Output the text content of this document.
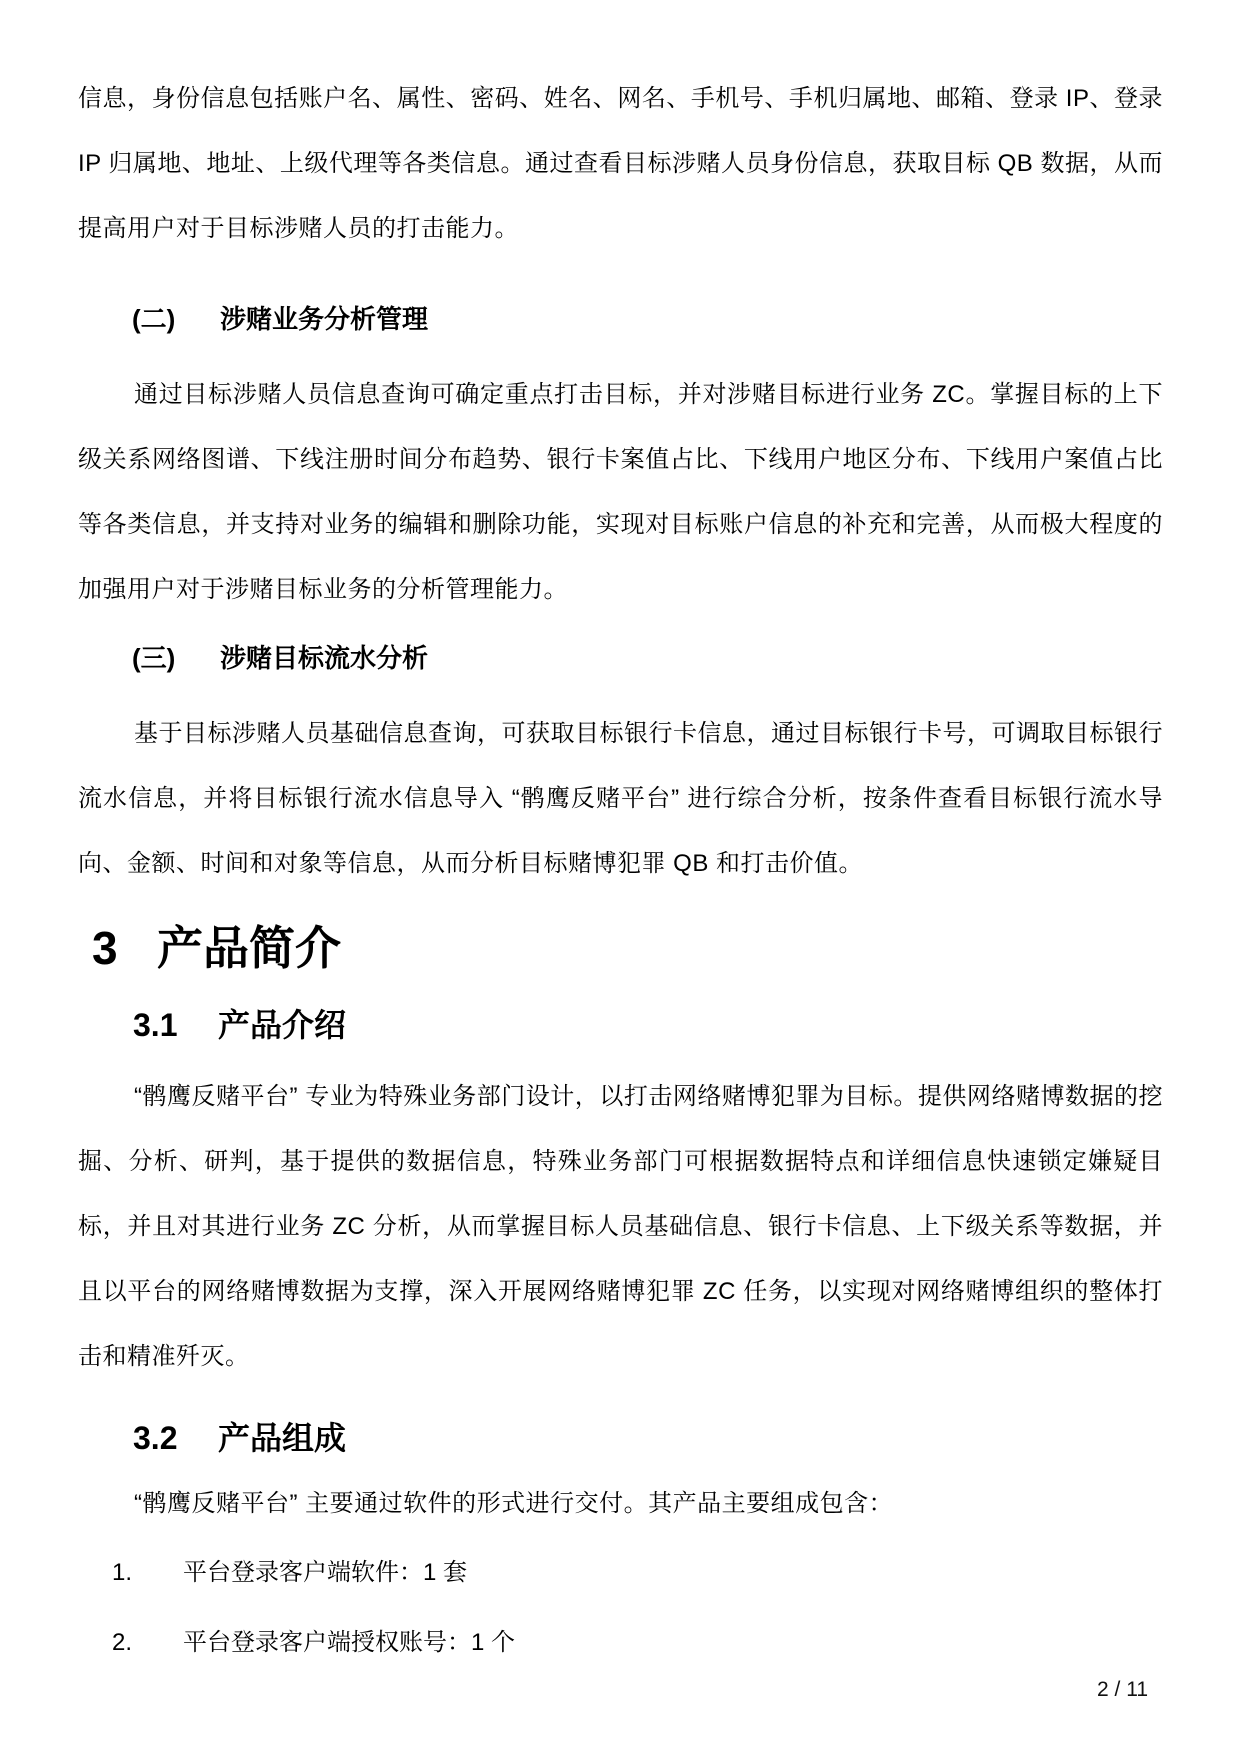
信息，身份信息包括账户名、属性、密码、姓名、网名、手机号、手机归属地、邮箱、登录 IP、登录 IP 归属地、地址、上级代理等各类信息。通过查看目标涉赌人员身份信息，获取目标 QB 数据，从而提高用户对于目标涉赌人员的打击能力。

(二) 涉赌业务分析管理

通过目标涉赌人员信息查询可确定重点打击目标，并对涉赌目标进行业务 ZC。掌握目标的上下级关系网络图谱、下线注册时间分布趋势、银行卡案值占比、下线用户地区分布、下线用户案值占比等各类信息，并支持对业务的编辑和删除功能，实现对目标账户信息的补充和完善，从而极大程度的加强用户对于涉赌目标业务的分析管理能力。

(三) 涉赌目标流水分析

基于目标涉赌人员基础信息查询，可获取目标银行卡信息，通过目标银行卡号，可调取目标银行流水信息，并将目标银行流水信息导入 “鹘鹰反赌平台” 进行综合分析，按条件查看目标银行流水导向、金额、时间和对象等信息，从而分析目标赌博犯罪 QB 和打击价值。

3 产品简介
3.1 产品介绍

“鹘鹰反赌平台” 专业为特殊业务部门设计，以打击网络赌博犯罪为目标。提供网络赌博数据的挖掘、分析、研判，基于提供的数据信息，特殊业务部门可根据数据特点和详细信息快速锁定嫌疑目标，并且对其进行业务 ZC 分析，从而掌握目标人员基础信息、银行卡信息、上下级关系等数据，并且以平台的网络赌博数据为支撑，深入开展网络赌博犯罪 ZC 任务，以实现对网络赌博组织的整体打击和精准歼灭。

3.2 产品组成

“鹘鹰反赌平台” 主要通过软件的形式进行交付。其产品主要组成包含：

1.	平台登录客户端软件：1 套
2.	平台登录客户端授权账号：1 个
2 / 11
